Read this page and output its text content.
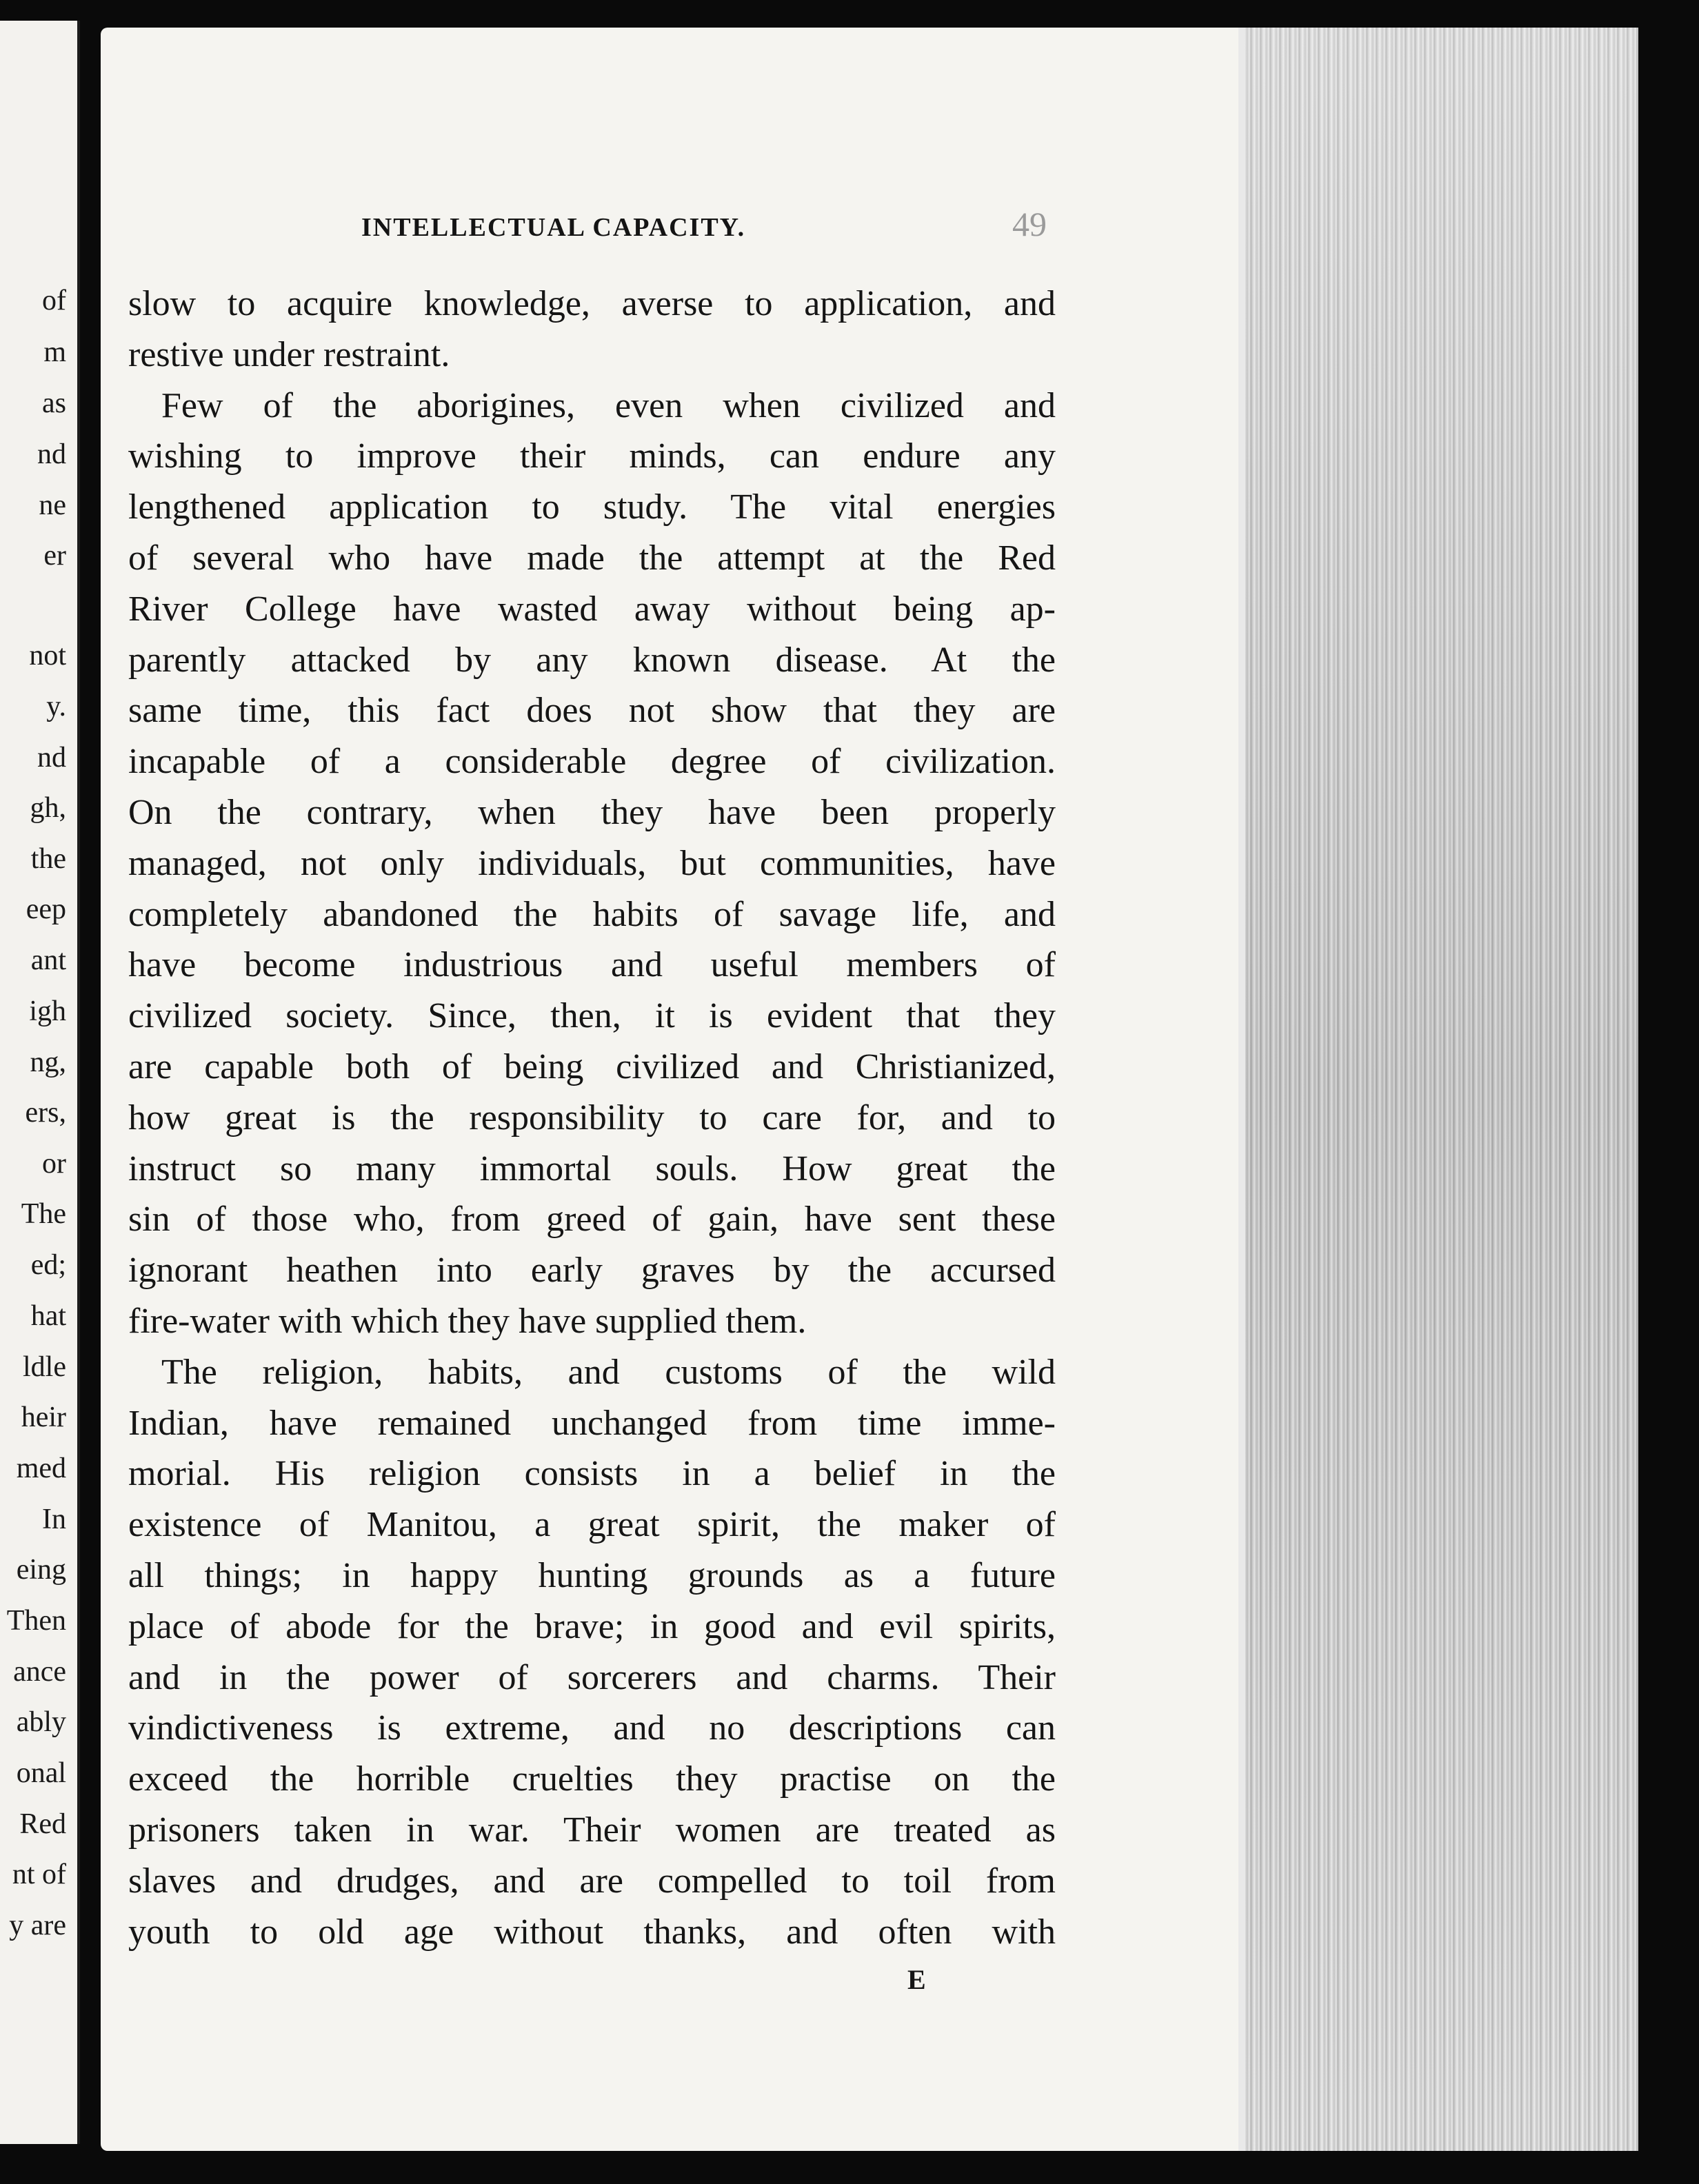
of
m
as
nd
ne
er
not
y.
nd
gh,
the
eep
ant
igh
ng,
ers,
or
The
ed;
hat
ldle
heir
med
In
eing
Then
ance
ably
onal
Red
nt of
y are
INTELLECTUAL CAPACITY.	49
slow to acquire knowledge, averse to application, and
restive under restraint.
Few of the aborigines, even when civilized and
wishing to improve their minds, can endure any
lengthened application to study. The vital energies
of several who have made the attempt at the Red
River College have wasted away without being ap-
parently attacked by any known disease. At the
same time, this fact does not show that they are
incapable of a considerable degree of civilization.
On the contrary, when they have been properly
managed, not only individuals, but communities, have
completely abandoned the habits of savage life, and
have become industrious and useful members of
civilized society. Since, then, it is evident that they
are capable both of being civilized and Christianized,
how great is the responsibility to care for, and to
instruct so many immortal souls. How great the
sin of those who, from greed of gain, have sent these
ignorant heathen into early graves by the accursed
fire-water with which they have supplied them.
The religion, habits, and customs of the wild
Indian, have remained unchanged from time imme-
morial. His religion consists in a belief in the
existence of Manitou, a great spirit, the maker of
all things; in happy hunting grounds as a future
place of abode for the brave; in good and evil spirits,
and in the power of sorcerers and charms. Their
vindictiveness is extreme, and no descriptions can
exceed the horrible cruelties they practise on the
prisoners taken in war. Their women are treated as
slaves and drudges, and are compelled to toil from
youth to old age without thanks, and often with
E
